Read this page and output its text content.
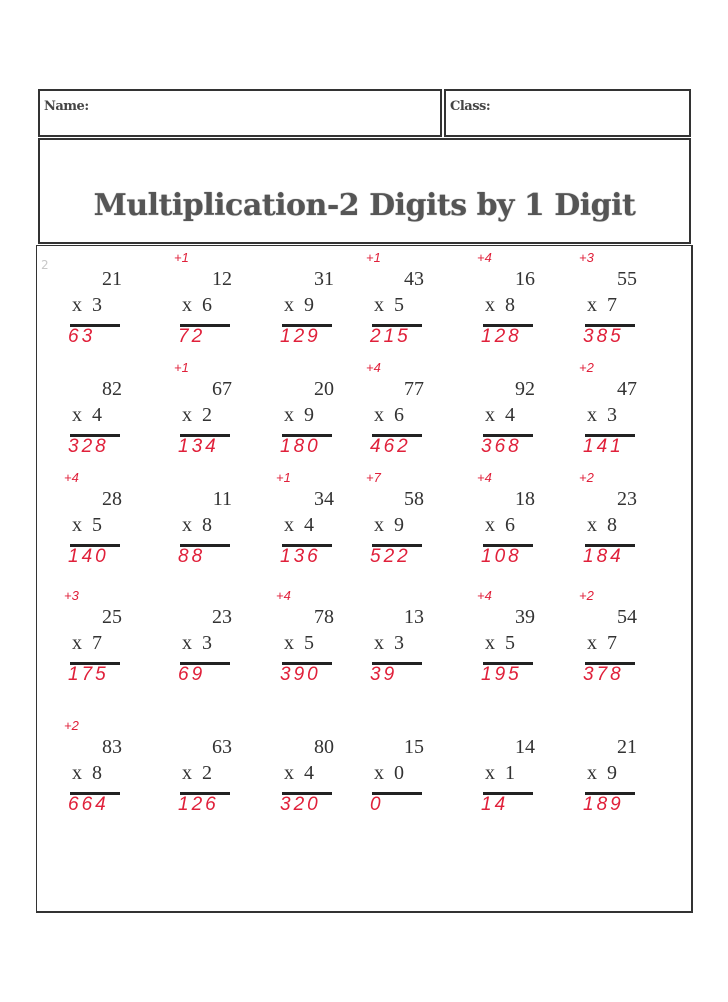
Name:	Class:
Multiplication-2 Digits by 1 Digit
2
21
x  3
63
+1
12
x  6
72
31
x  9
129
+1
43
x  5
215
+4
16
x  8
128
+3
55
x  7
385
82
x  4
328
+1
67
x  2
134
20
x  9
180
+4
77
x  6
462
92
x  4
368
+2
47
x  3
141
+4
28
x  5
140
11
x  8
88
+1
34
x  4
136
+7
58
x  9
522
+4
18
x  6
108
+2
23
x  8
184
+3
25
x  7
175
23
x  3
69
+4
78
x  5
390
13
x  3
39
+4
39
x  5
195
+2
54
x  7
378
+2
83
x  8
664
63
x  2
126
80
x  4
320
15
x  0
0
14
x  1
14
21
x  9
189
